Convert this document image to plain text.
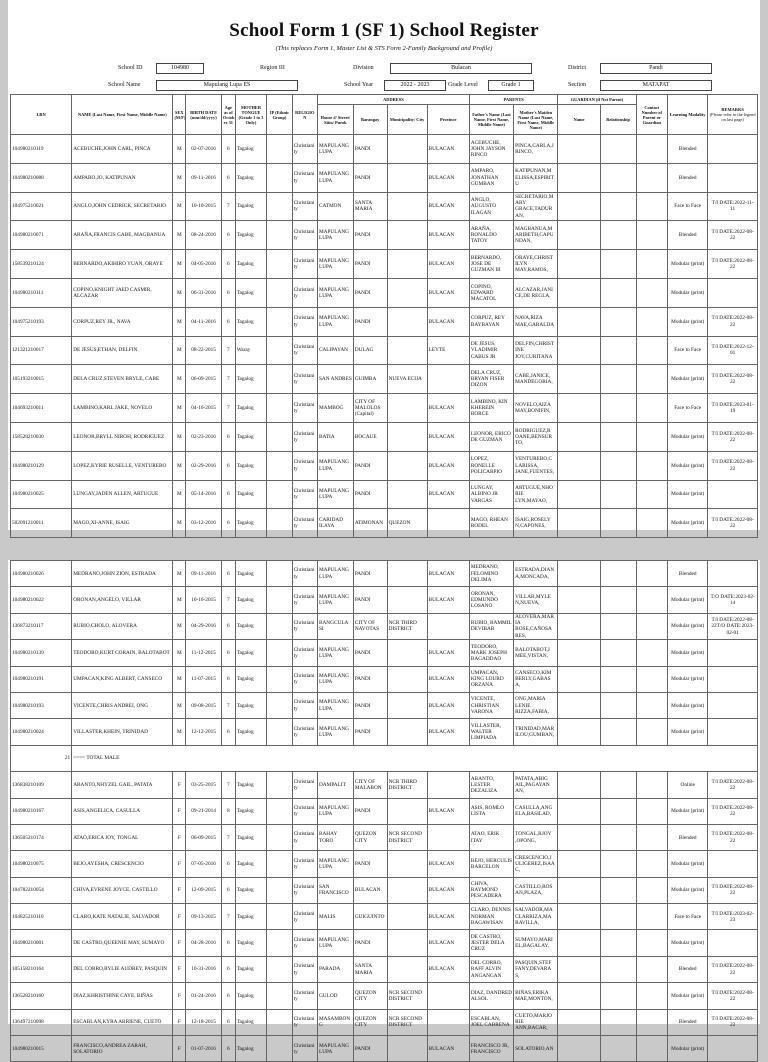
School Form 1 (SF 1) School Register
(This replaces Form 1, Master List & STS Form 2-Family Background and Profile)
School ID	104980	Region III	Division	Bulacan	District	Pandi
School Name	Mapulang Lupa ES	School Year	2022 - 2023	Grade Level	Grade 1	Section	MATAPAT
LRN	NAME (Last Name, First Name, Middle Name)	SEX (M/F)	BIRTH DATE (mm/dd/yyyy)	Age as of Octob er 31	MOTHER TONGUE (Grade 1 to 3 Only)	IP (Ethnic Group)	RELIGIO N	ADDRESS				PARENTS		GUARDIAN (if Not Parent)		Contact Number of Parent or Guardian	Learning Modality	REMARKS
(Please refer to the legend on last page)
								House #/ Street/ Sitio/ Purok	Barangay	Municipality/ City	Province	Father's Name (Last Name, First Name, Middle Name)	Mother's Maiden Name (Last Name, First Name, Middle Name)	Name	Relationship			
104980210119	ACEBUCHE,JOHN CARL, PINCA	M	02-07-2016	6	Tagalog		Christianity	MAPULANG LUPA	PANDI		BULACAN	ACEBUCHE, JOHN JAYSON RINCO	PINCA,CARLA,J RINCO,				Blended	
104980210088	AMPARO,JO, KATIPUNAN	M	09-11-2016	6	Tagalog		Christianity	MAPULANG LUPA	PANDI		BULACAN	AMPARO, JONATHAN GUMBAN	KATIPUNAN,M ELISSA,ESPIRIT U				Blended	
104975210021	ANGLO,JOHN CEDRICK, SECRETARIO	M	10-10-2015	7	Tagalog		Christianity	CATMON	SANTA MARIA		BULACAN	ANGLO, AUGUSTO ILAGAN	SECRETARIO,M ARY GRACE,TADUR AN,				Face to Face	T/I DATE:2022-11-11
104980210071	ARAÑA,FRANCIS GABE, MAGBANUA	M	08-24-2016	6	Tagalog		Christianity	MAPULANG LUPA	PANDI		BULACAN	ARAÑA, RONALDO TATOY	MAGBANUA,M ARIBETH,CAPU NDAN,				Blended	T/I DATE:2022-08-22
158539210124	BERNARDO,AKIHIRO YUAN, ORAYE	M	04-05-2016	6	Tagalog		Christianity	MAPULANG LUPA	PANDI		BULACAN	BERNARDO, JOSE DE GUZMAN III	ORAYE,CHRIST ILYN MAY,RAMOS,				Modular (print)	T/I DATE:2022-08-22
104980210111	COPINO,KNIGHT JAED CASMIR, ALCAZAR	M	06-31-2016	6	Tagalog		Christianity	MAPULANG LUPA	PANDI		BULACAN	COPINO, EDWARD MACATOL	ALCAZAR,JANI CE,DE REGLA,				Modular (print)	
104975210193	CORPUZ,REY JR., NAVA	M	04-11-2016	6	Tagalog		Christianity	MAPULANG LUPA	PANDI		BULACAN	CORPUZ, REY BAYBAYAN	NAVA,RIZA MAE,GARALDA				Modular (print)	T/I DATE:2022-08-22
121321210017	DE JESUS,ETHAN, DELFIN	M	08-22-2015	7	Waray		Christianity	CALIPAYAN	DULAG		LEYTE	DE JESUS, VLADIMIR CABUS JR	DELFIN,CHRIST INE JOY,CURITANA				Face to Face	T/I DATE:2022-12-01
105193210015	DELA CRUZ,STEVEN BRYLE, CABE	M	06-09-2015	7	Tagalog		Christianity	SAN ANDRES	GUIMBA	NUEVA ECIJA		DELA CRUZ, BRYAN FISER DIZON	CABE,JANICE, MANDEGORIA,				Modular (print)	T/I DATE:2022-08-22
104693210011	LAMBINO,KARL JAKE, NOVELO	M	04-16-2015	7	Tagalog		Christianity	MAMBOG	CITY OF MALOLOS (Capital)		BULACAN	LAMBINO, KIN KHEREIN BORCE	NOVELO,AIZA MAY,BONIFIN,				Face to Face	T/I DATE:2023-01-19
158528210030	LEONOR,BRYLL NIROH, RODRIGUEZ	M	02-23-2016	6	Tagalog		Christianity	BATIA	BOCAUE		BULACAN	LEONOR, ERICO DE GUZMAN	RODRIGUEZ,R OANE,BENSUR TO,				Modular (print)	T/I DATE:2022-08-22
104980210129	LOPEZ,KYRIE RUSELLE, VENTUREBO	M	02-29-2016	6	Tagalog		Christianity	MAPULANG LUPA	PANDI		BULACAN	LOPEZ, RONELLE POLICARPIO	VENTUREBO,C LARISSA, JANE,FUENTES,				Modular (print)	T/I DATE:2022-08-22
104980210025	LUNGAY,JADEN ALLEN, ARTUGUE	M	05-14-2016	6	Tagalog		Christianity	MAPULANG LUPA	PANDI		BULACAN	LUNGAY, ALBINO JR VARGAS	ARTUGUE,NHO RIE LYN,MAYAO,				Modular (print)	
502091210011	MAGO,XI-ANNE, ISAIG	M	03-12-2016	6	Tagalog		Christianity	CARIDAD ILAYA	ATIMONAN	QUEZON		MAGO, RHEAN RODEL	ISAIG,ROSELY N,CAPONES,				Modular (print)	T/I DATE:2022-08-22
104980210026	MEDRANO,JOHN ZION, ESTRADA	M	09-11-2016	6	Tagalog		Christianity	MAPULANG LUPA	PANDI		BULACAN	MEDRANO, FELOMINO DELIMA	ESTRADA,DIAN A,MONCADA,				Blended	
104980210022	ORONAN,ANGELO, VILLAR	M	10-16-2015	7	Tagalog		Christianity	MAPULANG LUPA	PANDI		BULACAN	ORONAN, EDMUNDO LOSANO	VILLAR,MYLE N,NUEVA,				Modular (print)	T/O DATE:2023-02-14
136873210117	RUBIO,CHOLO, ALOVERA	M	04-29-2016	6	Tagalog		Christianity	BANGCULA SI	CITY OF NAVOTAS	NCR THIRD DISTRICT		RUBIO, RAMMIL DEVIBAR	ALOVERA,MAR IA ROSE,CAÑOSA RES,				Modular (print)	T/I DATE:2022-08-22T/O DATE:2023-02-01
104980210139	TEODORO,KURT CORAIN, BALOTABOT	M	11-12-2015	6	Tagalog		Christianity	MAPULANG LUPA	PANDI		BULACAN	TEODORO, MARK JOSEPH BAGADDAO	BALOTABOT,J MEE,VISTAN,				Modular (print)	
104980210191	UMPACAN,KING ALBERT, CANSECO	M	11-07-2015	6	Tagalog		Christianity	MAPULANG LUPA	PANDI		BULACAN	UMPACAN, KING LOURD ORZANA	CANSECO,KIM BERLY,GABAS A,				Modular (print)	
104980210193	VICENTE,CHRIS ANDREI, ONG	M	09-08-2015	7	Tagalog		Christianity	MAPULANG LUPA	PANDI		BULACAN	VICENTE, CHRISTIAN VARONA	ONG,MARIA LENIE RIZZA,FABIA,				Modular (print)	
104980210024	VILLASTER,KHEIN, TRINIDAD	M	12-12-2015	6	Tagalog		Christianity	MAPULANG LUPA	PANDI		BULACAN	VILLASTER, WALTER LIMPIADA	TRINIDAD,MAR ILOU,GUMBAN,				Modular (print)	
21	<=== TOTAL MALE																	
136838210109	ABANTO,NHYZEL GAIL, PATATA	F	03-25-2015	7	Tagalog		Christianity	DAMPALIT	CITY OF MALABON	NCR THIRD DISTRICT		ABANTO, LESTER DEZALIZA	PATATA,ABIG AIL,PAGAYAN AN,				Online	T/I DATE:2022-08-22
104980210167	ASIS,ANGELICA, CASULLA	F	09-21-2014	8	Tagalog		Christianity	MAPULANG LUPA	PANDI		BULACAN	ASIS, ROMLO LISTA	CASULLA,ANG ELA,BASILAD,				Modular (print)	T/I DATE:2022-08-22
136505210174	ATAO,ERICA JOY, TONGAL	F	06-09-2015	7	Tagalog		Christianity	BAHAY TORO	QUEZON CITY	NCR SECOND DISTRICT		ATAO, ERIK ITAY	TONGAL,RJOY ,OPONG,				Blended	T/I DATE:2022-08-22
104980210075	BEJO,AYESHA, CRESCENCIO	F	07-05-2016	6	Tagalog		Christianity	MAPULANG LUPA	PANDI		BULACAN	BEJO, HERCULIS BARCELON	CRESCENCIO,J ULIGEREZ,ISAA C,				Modular (print)	
104782210054	CHIVA,EVRENE JOYCE, CASTILLO	F	12-09-2015	6	Tagalog		Christianity	SAN FRANCISCO	BULACAN		BULACAN	CHIVA, RAYMOND PESCADERA	CASTILLO,ROS AN,PLAZA,				Modular (print)	T/I DATE:2022-08-22
104825210110	CLARO,KATE NATALIE, SALVADOR	F	09-13-2015	7	Tagalog		Christianity	MALIS	GUIGUINTO		BULACAN	CLARO, DENNIS NORMAN BAGAWISAN	SALVADOR,MA CLARRIZA,MA RAVILLA,				Face to Face	T/I DATE:2023-02-23
104980210001	DE CASTRO,QUEENIE MAY, SUMAYO	F	04-28-2016	6	Tagalog		Christianity	MAPULANG LUPA	PANDI		BULACAN	DE CASTRO, JESTER DELA CRUZ	SUMAYO,MARI EL,BAGALAY,				Modular (print)	
105158210164	DEL CORRO,RYLIE AUDREY, PASQUIN	F	10-31-2016	6	Tagalog		Christianity	PARADA	SANTA MARIA		BULACAN	DEL CORRO, RAFF ALVIN ANGANGAN	PASQUIN,STEF FANY,DEVARA S,				Blended	T/I DATE:2022-08-22
136528210160	DIAZ,KHRISTHINE CAYE, BIÑAS	F	01-24-2016	6	Tagalog		Christianity	GULOD	QUEZON CITY	NCR SECOND DISTRICT		DIAZ, DANDRED ALSOL	BIÑAS,ERIKA MAE,MONTON,				Modular (print)	T/I DATE:2022-08-22
136497210098	ESCABLAN,KYRA ARRIENE, CUETO	F	12-18-2015	6	Tagalog		Christianity	MASAMBON G	QUEZON CITY	NCR SECOND DISTRICT		ESCABLAN, JOEL CABRENA	CUETO,MARJO RIE ANN,BACAR,				Blended	T/I DATE:2022-08-22
104980210015	FRANCISCO,ANDREA ZARAH, SOLATORIO	F	01-07-2016	6	Tagalog		Christianity	MAPULANG LUPA	PANDI		BULACAN	FRANCISCO JR, FRANCISCO	SOLATORIO,AN				Modular (print)	
